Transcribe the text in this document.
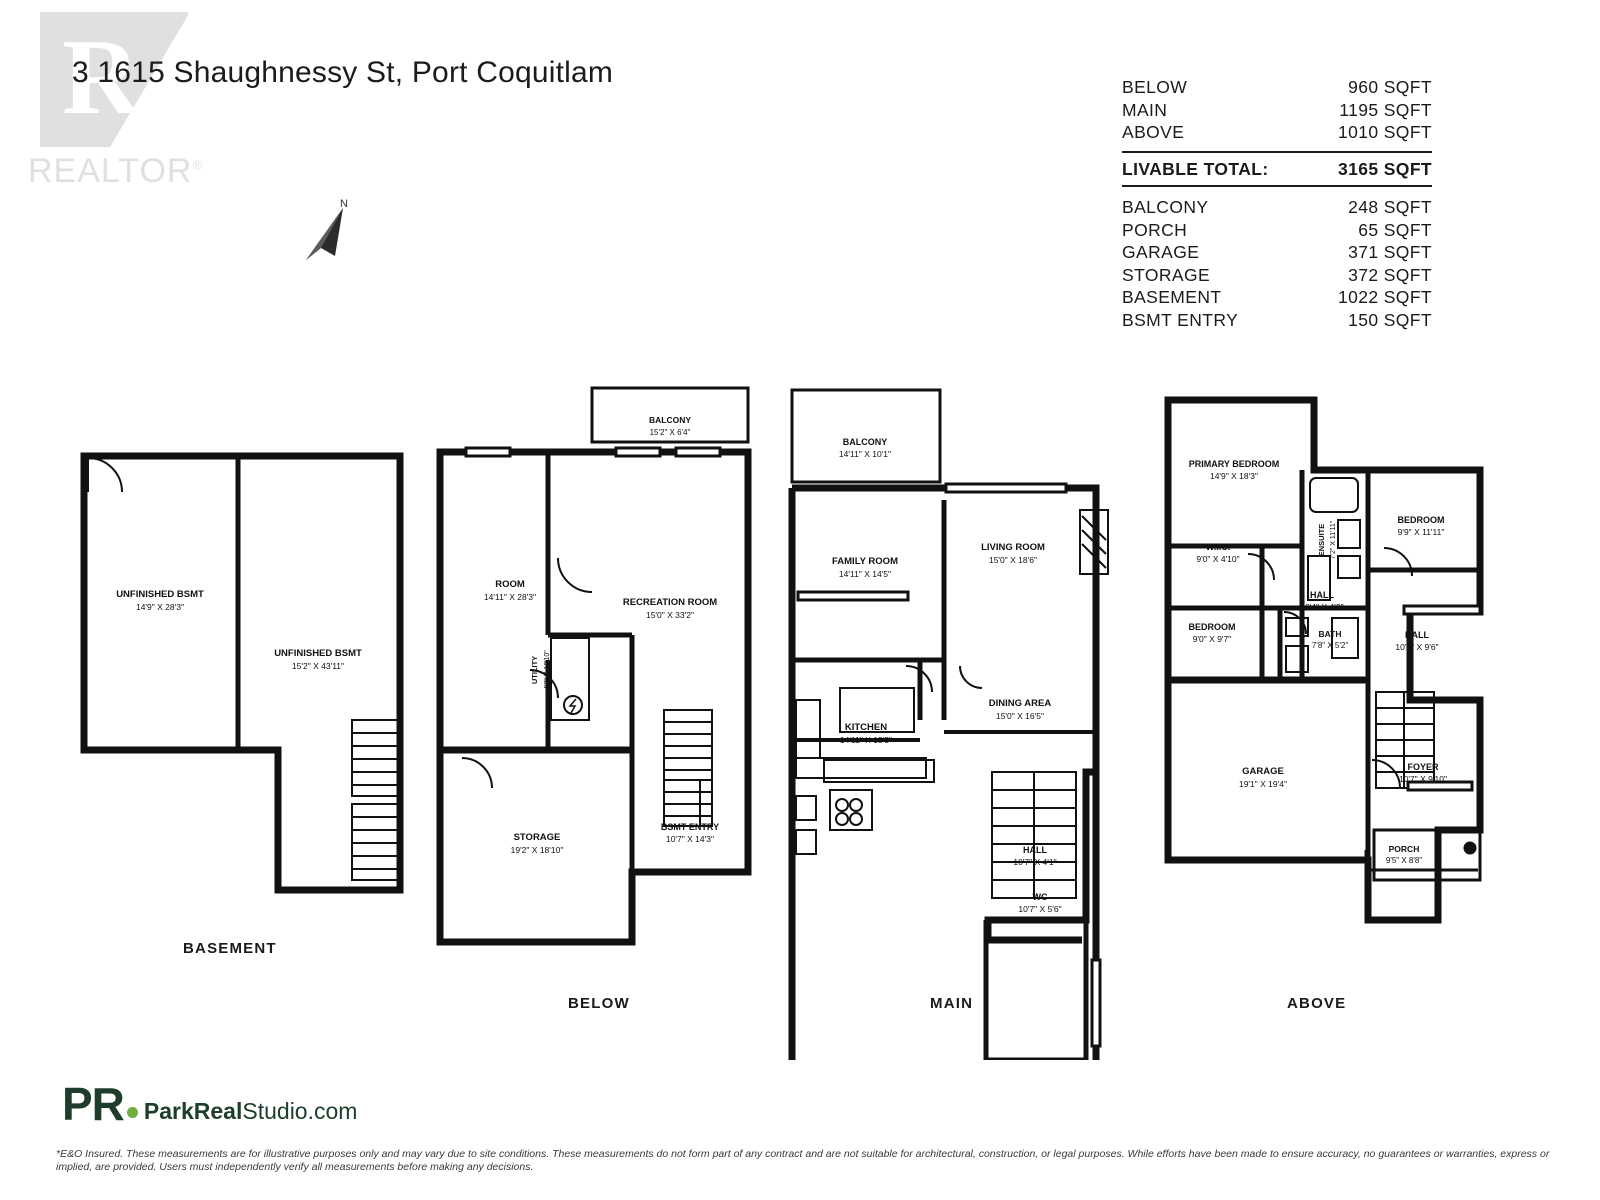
R
REALTOR®
3 1615 Shaughnessy St, Port Coquitlam
N
BELOW	960 SQFT
MAIN	1195 SQFT
ABOVE	1010 SQFT
LIVABLE TOTAL:	3165 SQFT
BALCONY	248 SQFT
PORCH	65 SQFT
GARAGE	371 SQFT
STORAGE	372 SQFT
BASEMENT	1022 SQFT
BSMT ENTRY	150 SQFT
UNFINISHED BSMT
14'9" X 28'3"
UNFINISHED BSMT
15'2" X 43'11"
BALCONY
15'2" X 6'4"
ROOM
14'11" X 28'3"	RECREATION ROOM
15'0" X 33'2"
UTILITY 4'2" X 10'10"
STORAGE
19'2" X 18'10"
BSMT ENTRY
10'7" X 14'3"
BALCONY
14'11" X 10'1"
FAMILY ROOM
14'11" X 14'5"
LIVING ROOM
15'0" X 18'6"
DINING AREA
15'0" X 16'5"
KITCHEN
14'11" X 15'3"
HALL
10'7" X 4'1"
WC
10'7" X 5'6"
PRIMARY BEDROOM
14'9" X 18'3"
ENSUITE 7'2" X 11'11"
BEDROOM
9'9" X 11'11"
W.I.C.
9'0" X 4'10"
HALL
10'4" X 4'2"
BEDROOM
9'0" X 9'7"	BATH
7'8" X 5'2"
HALL
10'7" X 9'6"
GARAGE
19'1" X 19'4"
FOYER
10'7" X 9'10"
PORCH
9'5" X 8'8"
BASEMENT
BELOW	MAIN	ABOVE
PR ParkRealStudio.com
*E&O Insured. These measurements are for illustrative purposes only and may vary due to site conditions. These measurements do not form part of any contract and are not suitable for architectural, construction, or legal purposes. While efforts have been made to ensure accuracy, no guarantees or warranties, express or implied, are provided. Users must independently verify all measurements before making any decisions.
